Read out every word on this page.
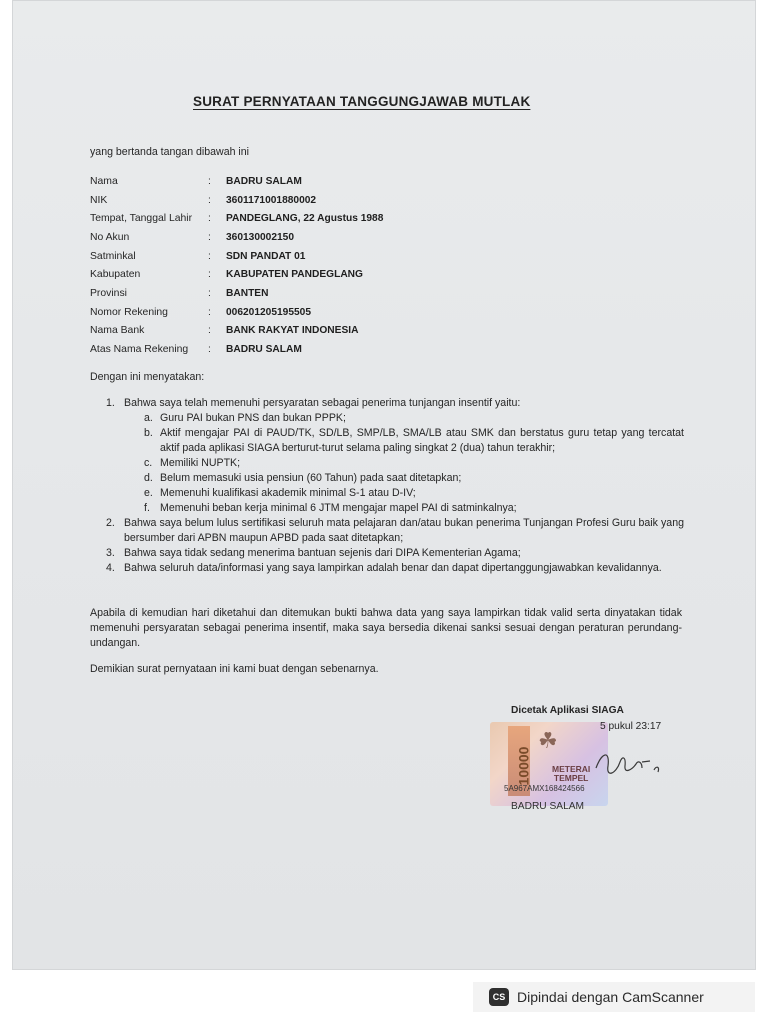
SURAT PERNYATAAN TANGGUNGJAWAB MUTLAK
yang bertanda tangan dibawah ini
Nama	:	BADRU SALAM
NIK	:	3601171001880002
Tempat, Tanggal Lahir	:	PANDEGLANG, 22 Agustus 1988
No Akun	:	360130002150
Satminkal	:	SDN PANDAT 01
Kabupaten	:	KABUPATEN PANDEGLANG
Provinsi	:	BANTEN
Nomor Rekening	:	006201205195505
Nama Bank	:	BANK RAKYAT INDONESIA
Atas Nama Rekening	:	BADRU SALAM
Dengan ini menyatakan:
1. Bahwa saya telah memenuhi persyaratan sebagai penerima tunjangan insentif yaitu:
a. Guru PAI bukan PNS dan bukan PPPK;
b. Aktif mengajar PAI di PAUD/TK, SD/LB, SMP/LB, SMA/LB atau SMK dan berstatus guru tetap yang tercatat aktif pada aplikasi SIAGA berturut-turut selama paling singkat 2 (dua) tahun terakhir;
c. Memiliki NUPTK;
d. Belum memasuki usia pensiun (60 Tahun) pada saat ditetapkan;
e. Memenuhi kualifikasi akademik minimal S-1 atau D-IV;
f. Memenuhi beban kerja minimal 6 JTM mengajar mapel PAI di satminkalnya;
2. Bahwa saya belum lulus sertifikasi seluruh mata pelajaran dan/atau bukan penerima Tunjangan Profesi Guru baik yang bersumber dari APBN maupun APBD pada saat ditetapkan;
3. Bahwa saya tidak sedang menerima bantuan sejenis dari DIPA Kementerian Agama;
4. Bahwa seluruh data/informasi yang saya lampirkan adalah benar dan dapat dipertanggungjawabkan kevalidannya.
Apabila di kemudian hari diketahui dan ditemukan bukti bahwa data yang saya lampirkan tidak valid serta dinyatakan tidak memenuhi persyaratan sebagai penerima insentif, maka saya bersedia dikenai sanksi sesuai dengan peraturan perundang-undangan.
Demikian surat pernyataan ini kami buat dengan sebenarnya.
Dicetak Aplikasi SIAGA
10000
☘
METERAI
TEMPEL
5A967AMX168424566
5 pukul 23:17
BADRU SALAM
CS Dipindai dengan CamScanner
